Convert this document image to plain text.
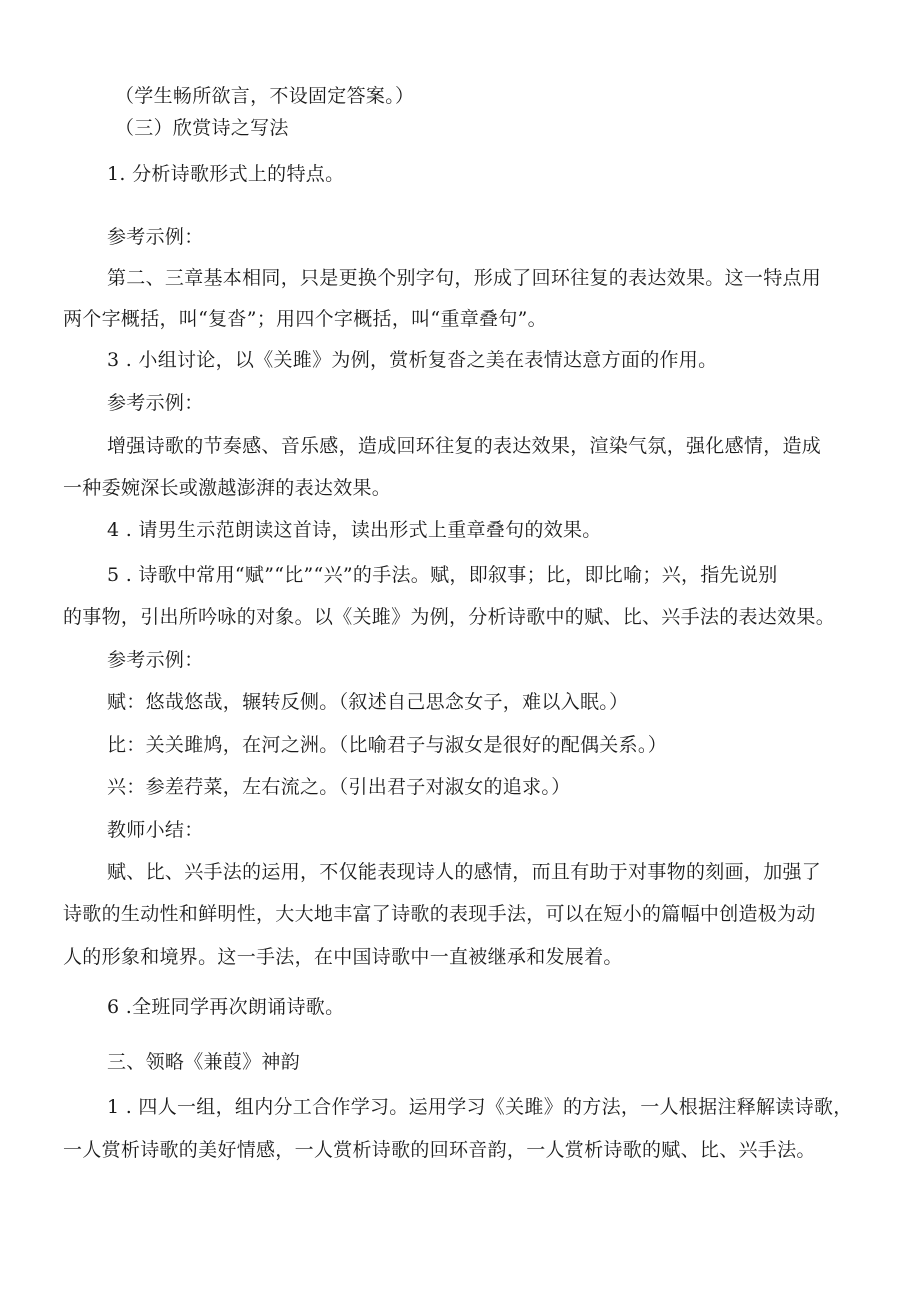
（学生畅所欲言，不设固定答案。）
（三）欣赏诗之写法
1. 分析诗歌形式上的特点。
参考示例：
第二、三章基本相同，只是更换个别字句，形成了回环往复的表达效果。这一特点用
两个字概括，叫“复沓”；用四个字概括，叫“重章叠句”。
3 . 小组讨论，以《关雎》为例，赏析复沓之美在表情达意方面的作用。
参考示例：
增强诗歌的节奏感、音乐感，造成回环往复的表达效果，渲染气氛，强化感情，造成
一种委婉深长或激越澎湃的表达效果。
4 . 请男生示范朗读这首诗，读出形式上重章叠句的效果。
5 . 诗歌中常用“赋”“比”“兴”的手法。赋，即叙事；比，即比喻；兴，指先说别
的事物，引出所吟咏的对象。以《关雎》为例，分析诗歌中的赋、比、兴手法的表达效果。
参考示例：
赋：悠哉悠哉，辗转反侧。（叙述自己思念女子，难以入眠。）
比：关关雎鸠，在河之洲。（比喻君子与淑女是很好的配偶关系。）
兴：参差荇菜，左右流之。（引出君子对淑女的追求。）
教师小结：
赋、比、兴手法的运用，不仅能表现诗人的感情，而且有助于对事物的刻画，加强了
诗歌的生动性和鲜明性，大大地丰富了诗歌的表现手法，可以在短小的篇幅中创造极为动
人的形象和境界。这一手法，在中国诗歌中一直被继承和发展着。
6 .全班同学再次朗诵诗歌。
三、领略《兼葭》神韵
1 . 四人一组，组内分工合作学习。运用学习《关雎》的方法，一人根据注释解读诗歌，
一人赏析诗歌的美好情感，一人赏析诗歌的回环音韵，一人赏析诗歌的赋、比、兴手法。
